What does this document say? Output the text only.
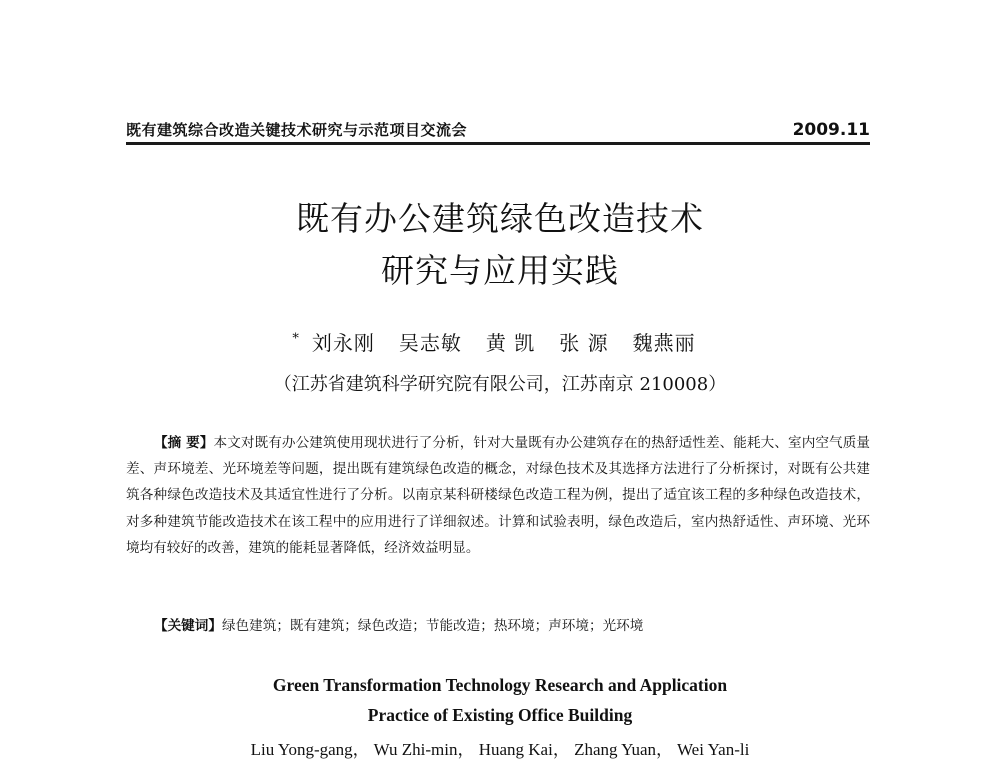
既有建筑综合改造关键技术研究与示范项目交流会	2009.11
既有办公建筑绿色改造技术
研究与应用实践
* 刘永刚 吴志敏 黄 凯 张 源 魏燕丽
（江苏省建筑科学研究院有限公司，江苏南京 210008）
【摘 要】本文对既有办公建筑使用现状进行了分析，针对大量既有办公建筑存在的热舒适性差、能耗大、室内空气质量差、声环境差、光环境差等问题，提出既有建筑绿色改造的概念，对绿色技术及其选择方法进行了分析探讨，对既有公共建筑各种绿色改造技术及其适宜性进行了分析。以南京某科研楼绿色改造工程为例，提出了适宜该工程的多种绿色改造技术，对多种建筑节能改造技术在该工程中的应用进行了详细叙述。计算和试验表明，绿色改造后，室内热舒适性、声环境、光环境均有较好的改善，建筑的能耗显著降低，经济效益明显。
【关键词】绿色建筑；既有建筑；绿色改造；节能改造；热环境；声环境；光环境
Green Transformation Technology Research and Application
Practice of Existing Office Building
Liu Yong-gang， Wu Zhi-min， Huang Kai， Zhang Yuan， Wei Yan-li
